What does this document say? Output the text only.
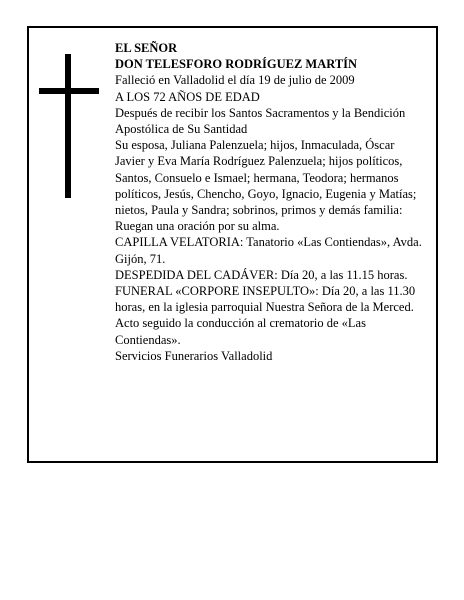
EL SEÑOR

DON TELESFORO RODRÍGUEZ MARTÍN

Falleció en Valladolid el día 19 de julio de 2009

A LOS 72 AÑOS DE EDAD

Después de recibir los Santos Sacramentos y la Bendición Apostólica de Su Santidad

Su esposa, Juliana Palenzuela; hijos, Inmaculada, Óscar Javier y Eva María Rodríguez Palenzuela; hijos políticos, Santos, Consuelo e Ismael; hermana, Teodora; hermanos políticos, Jesús, Chencho, Goyo, Ignacio, Eugenia y Matías; nietos, Paula y Sandra; sobrinos, primos y demás familia:

Ruegan una oración por su alma.

CAPILLA VELATORIA: Tanatorio «Las Contiendas», Avda. Gijón, 71.

DESPEDIDA DEL CADÁVER: Día 20, a las 11.15 horas.

FUNERAL «CORPORE INSEPULTO»: Día 20, a las 11.30 horas, en la iglesia parroquial Nuestra Señora de la Merced. Acto seguido la conducción al crematorio de «Las Contiendas».

Servicios Funerarios Valladolid
